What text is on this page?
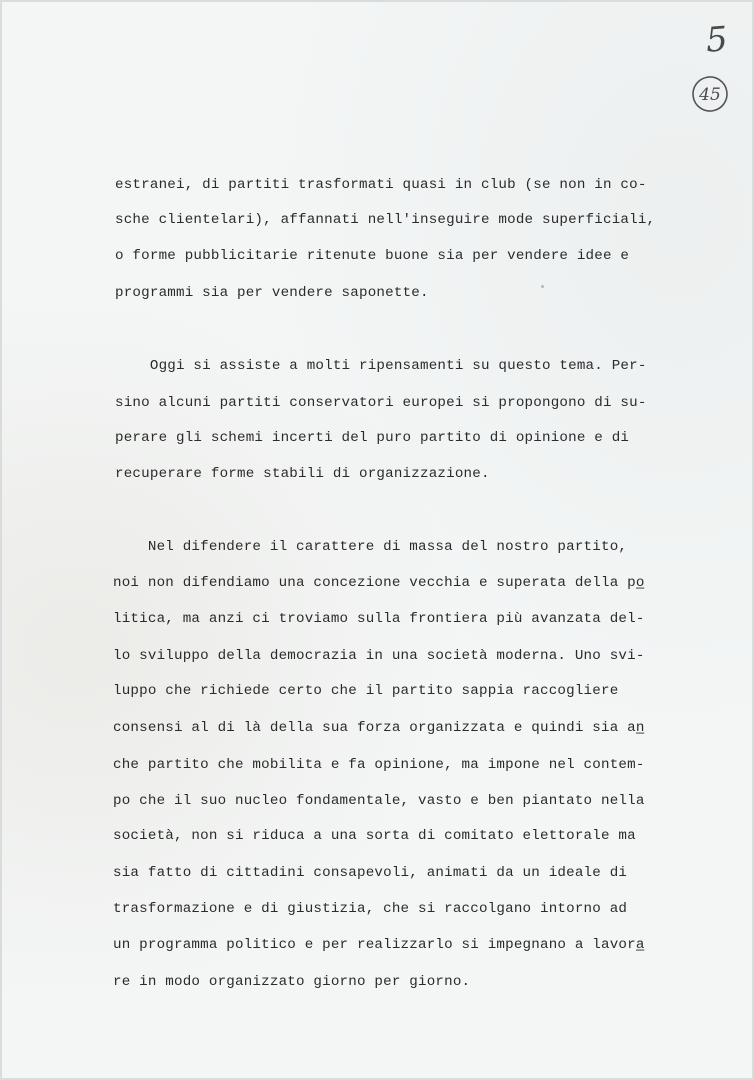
5
45
estranei, di partiti trasformati quasi in club (se non in co-
sche clientelari), affannati nell'inseguire mode superficiali,
o forme pubblicitarie ritenute buone sia per vendere idee e
programmi sia per vendere saponette.
Oggi si assiste a molti ripensamenti su questo tema. Per-
sino alcuni partiti conservatori europei si propongono di su-
perare gli schemi incerti del puro partito di opinione e di
recuperare forme stabili di organizzazione.
Nel difendere il carattere di massa del nostro partito,
noi non difendiamo una concezione vecchia e superata della po̲
litica, ma anzi ci troviamo sulla frontiera più avanzata del-
lo sviluppo della democrazia in una società moderna. Uno svi-
luppo che richiede certo che il partito sappia raccogliere
consensi al di là della sua forza organizzata e quindi sia an̲
che partito che mobilita e fa opinione, ma impone nel contem-
po che il suo nucleo fondamentale, vasto e ben piantato nella
società, non si riduca a una sorta di comitato elettorale ma
sia fatto di cittadini consapevoli, animati da un ideale di
trasformazione e di giustizia, che si raccolgano intorno ad
un programma politico e per realizzarlo si impegnano a lavora̲
re in modo organizzato giorno per giorno.
